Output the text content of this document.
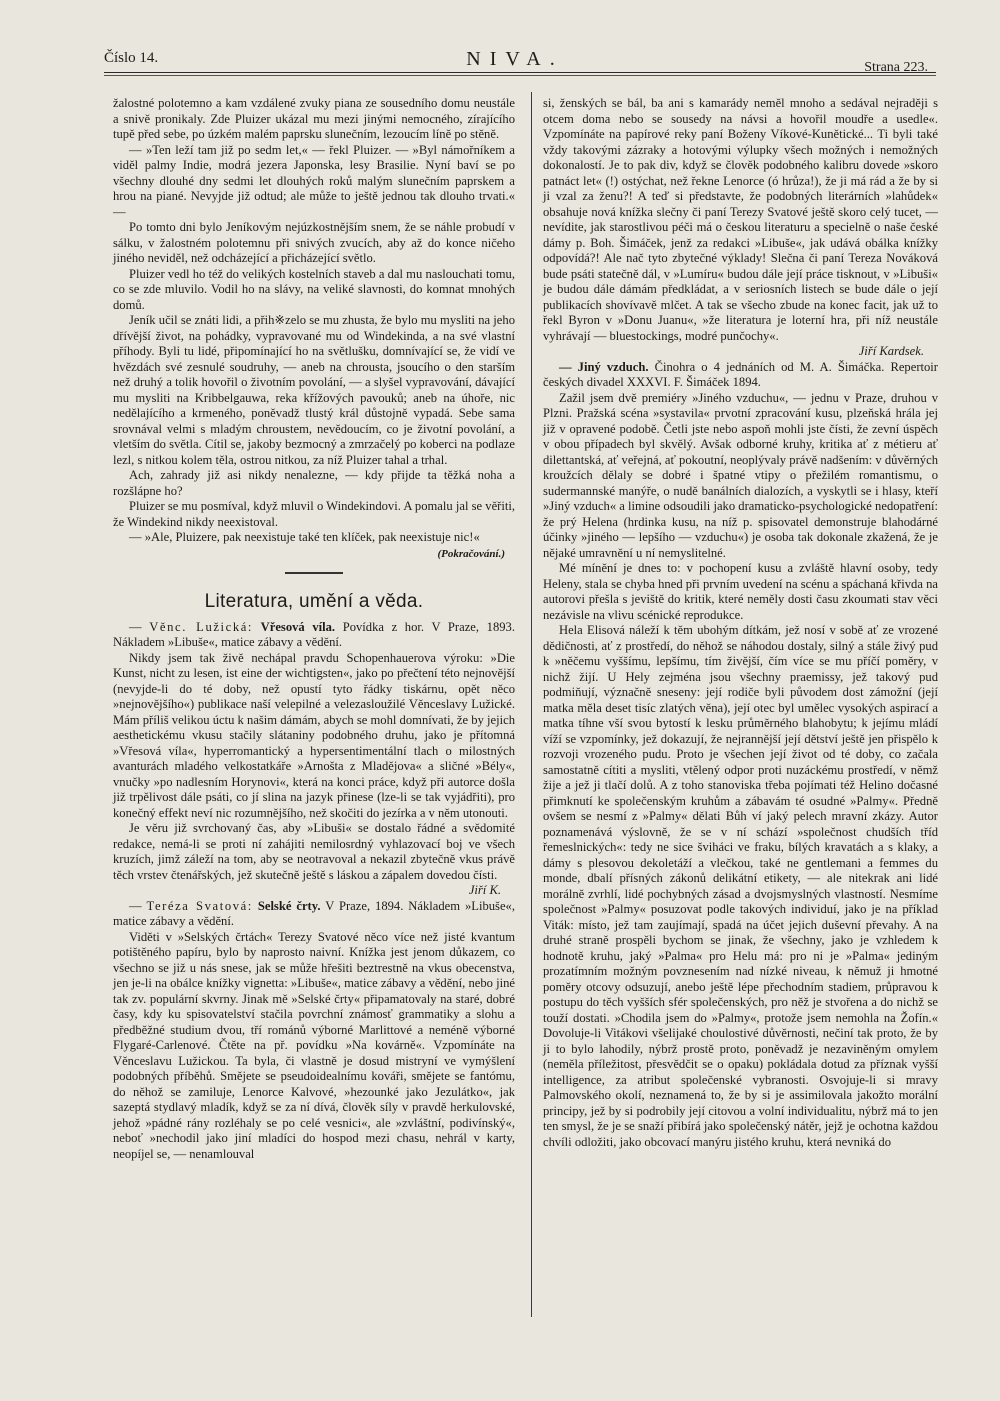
Číslo 14.	NIVA.	Strana 223.

žalostné polotemno a kam vzdálené zvuky piana ze sousedního domu neustále a snivě pronikaly. Zde Pluizer ukázal mu mezi jinými nemocného, zírajícího tupě před sebe, po úzkém malém paprsku slunečním, lezoucím líně po stěně.

— »Ten leží tam již po sedm let,« — řekl Pluizer. — »Byl námořníkem a viděl palmy Indie, modrá jezera Japonska, lesy Brasilie. Nyní baví se po všechny dlouhé dny sedmi let dlouhých roků malým slunečním paprskem a hrou na piané. Nevyjde již odtud; ale může to ještě jednou tak dlouho trvati.« —

Po tomto dni bylo Jeníkovým nejúzkostnějším snem, že se náhle probudí v sálku, v žalostném polotemnu při snivých zvucích, aby až do konce ničeho jiného neviděl, než odcházející a přicházející světlo.

Pluizer vedl ho též do velikých kostelních staveb a dal mu naslouchati tomu, co se zde mluvilo. Vodil ho na slávy, na veliké slavnosti, do komnat mnohých domů.

Jeník učil se znáti lidi, a přih※zelo se mu zhusta, že bylo mu mysliti na jeho dřívější život, na pohádky, vypravované mu od Windekinda, a na své vlastní příhody. Byli tu lidé, připomínající ho na světlušku, domnívající se, že vidí ve hvězdách své zesnulé soudruhy, — aneb na chrousta, jsoucího o den starším než druhý a tolik hovořil o životním povolání, — a slyšel vypravování, dávající mu mysliti na Kribbelgauwa, reka křížových pavouků; aneb na úhoře, nic nedělajícího a krmeného, poněvadž tlustý král důstojně vypadá. Sebe sama srovnával velmi s mladým chroustem, nevědoucím, co je životní povolání, a vletším do světla. Cítil se, jakoby bezmocný a zmrzačelý po koberci na podlaze lezl, s nitkou kolem těla, ostrou nitkou, za níž Pluizer tahal a trhal.

Ach, zahrady již asi nikdy nenalezne, — kdy přijde ta těžká noha a rozšlápne ho?

Pluizer se mu posmíval, když mluvil o Windekindovi. A pomalu jal se věřiti, že Windekind nikdy neexistoval.

— »Ale, Pluizere, pak neexistuje také ten klíček, pak neexistuje nic!«

(Pokračování.)

Literatura, umění a věda.

— Věnc. Lužická: Vřesová víla. Povídka z hor. V Praze, 1893. Nákladem »Libuše«, matice zábavy a vědění.

Nikdy jsem tak živě nechápal pravdu Schopenhauerova výroku: »Die Kunst, nicht zu lesen, ist eine der wichtigsten«, jako po přečtení této nejnovější (nevyjde-li do té doby, než opustí tyto řádky tiskárnu, opět něco »nejnovějšího«) publikace naší velepilné a velezasloužilé Věnceslavy Lužické. Mám příliš velikou úctu k našim dámám, abych se mohl domnívati, že by jejich aesthetickému vkusu stačily slátaniny podobného druhu, jako je přítomná »Vřesová víla«, hyperromantický a hypersentimentální tlach o milostných avanturách mladého velkostatkáře »Arnošta z Mladějova« a sličné »Bély«, vnučky »po nadlesním Horynovi«, která na konci práce, když při autorce došla již trpělivost dále psáti, co jí slina na jazyk přinese (lze-li se tak vyjádřiti), pro konečný effekt neví nic rozumnějšího, než skočiti do jezírka a v něm utonouti.

Je věru již svrchovaný čas, aby »Libuši« se dostalo řádné a svědomité redakce, nemá-li se proti ní zahájiti nemilosrdný vyhlazovací boj ve všech kruzích, jimž záleží na tom, aby se neotravoval a nekazil zbytečně vkus právě těch vrstev čtenářských, jež skutečně ještě s láskou a zápalem dovedou čísti.

Jiří K.

— Teréza Svatová: Selské črty. V Praze, 1894. Nákladem »Libuše«, matice zábavy a vědění.

Viděti v »Selských črtách« Terezy Svatové něco více než jisté kvantum potištěného papíru, bylo by naprosto naivní. Knížka jest jenom důkazem, co všechno se již u nás snese, jak se může hřešiti beztrestně na vkus obecenstva, jen je-li na obálce knížky vignetta: »Libuše«, matice zábavy a vědění, nebo jiné tak zv. populární skvrny. Jinak mě »Selské črty« připamatovaly na staré, dobré časy, kdy ku spisovatelství stačila povrchní známosť grammatiky a slohu a předběžné studium dvou, tří románů výborné Marlittové a neméně výborné Flygaré-Carlenové. Čtěte na př. povídku »Na kovárně«. Vzpomínáte na Věnceslavu Lužickou. Ta byla, či vlastně je dosud mistryní ve vymýšlení podobných příběhů. Smějete se pseudoidealnímu kováři, smějete se fantómu, do něhož se zamiluje, Lenorce Kalvové, »hezounké jako Jezulátko«, jak sazeptá stydlavý mladík, když se za ní dívá, člověk síly v pravdě herkulovské, jehož »pádné rány rozléhaly se po celé vesnici«, ale »zvláštní, podivínský«, neboť »nechodil jako jiní mladíci do hospod mezi chasu, nehrál v karty, neopíjel se, — nenamlouval

si, ženských se bál, ba ani s kamarády neměl mnoho a sedával nejraději s otcem doma nebo se sousedy na návsi a hovořil moudře a usedle«. Vzpomínáte na papírové reky paní Boženy Víkové-Kunětické... Ti byli také vždy takovými zázraky a hotovými výlupky všech možných i nemožných dokonalostí. Je to pak div, když se člověk podobného kalibru dovede »skoro patnáct let« (!) ostýchat, než řekne Lenorce (ó hrůza!), že ji má rád a že by si ji vzal za ženu?! A teď si představte, že podobných literárních »lahůdek« obsahuje nová knížka slečny či paní Terezy Svatové ještě skoro celý tucet, — nevídite, jak starostlivou péči má o českou literaturu a specielně o naše české dámy p. Boh. Šimáček, jenž za redakci »Libuše«, jak udává obálka knížky odpovídá?! Ale nač tyto zbytečné výklady! Slečna či paní Tereza Nováková bude psáti statečně dál, v »Lumíru« budou dále její práce tisknout, v »Libuši« je budou dále dámám předkládat, a v seriosních listech se bude dále o její publikacích shovívavě mlčet. A tak se všecho zbude na konec facit, jak už to řekl Byron v »Donu Juanu«, »že literatura je loterní hra, při níž neustále vyhrávají — bluestockings, modré punčochy«.

Jiří Kardsek.

— Jiný vzduch. Činohra o 4 jednáních od M. A. Šimáčka. Repertoir českých divadel XXXVI. F. Šimáček 1894.

Zažil jsem dvě premiéry »Jiného vzduchu«, — jednu v Praze, druhou v Plzni. Pražská scéna »systavila« prvotní zpracování kusu, plzeňská hrála jej již v opravené podobě. Četli jste nebo aspoň mohli jste čísti, že zevní úspěch v obou případech byl skvělý. Avšak odborné kruhy, kritika ať z métieru ať dilettantská, ať veřejná, ať pokoutní, neoplývaly právě nadšením: v důvěrných kroužcích dělaly se dobré i špatné vtipy o přežilém romantismu, o sudermannské manýře, o nudě banálních dialozích, a vyskytli se i hlasy, kteří »Jiný vzduch« a limine odsoudili jako dramaticko-psychologické nedopatření: že prý Helena (hrdinka kusu, na níž p. spisovatel demonstruje blahodárné účinky »jiného — lepšího — vzduchu«) je osoba tak dokonale zkažená, že je nějaké umravnění u ní nemyslitelné.

Mé mínění je dnes to: v pochopení kusu a zvláště hlavní osoby, tedy Heleny, stala se chyba hned při prvním uvedení na scénu a spáchaná křivda na autorovi přešla s jeviště do kritik, které neměly dosti času zkoumati stav věci nezávisle na vlivu scénické reprodukce.

Hela Elisová náleží k těm ubohým dítkám, jež nosí v sobě ať ze vrozené dědičnosti, ať z prostředí, do něhož se náhodou dostaly, silný a stále živý pud k »něčemu vyššímu, lepšímu, tím živější, čím více se mu příčí poměry, v nichž žijí. U Hely zejména jsou všechny praemissy, jež takový pud podmiňují, význačně sneseny: její rodiče byli původem dost zámožní (její matka měla deset tisíc zlatých věna), její otec byl umělec vysokých aspirací a matka tíhne vší svou bytostí k lesku průměrného blahobytu; k jejímu mládí víží se vzpomínky, jež dokazují, že nejrannější její dětství ještě jen přispělo k rozvoji vrozeného pudu. Proto je všechen její život od té doby, co začala samostatně cítiti a mysliti, vtělený odpor proti nuzáckému prostředí, v němž žije a jež ji tlačí dolů. A z toho stanoviska třeba pojímati též Helino dočasné přimknutí ke společenským kruhům a zábavám té osudné »Palmy«. Předně ovšem se nesmí z »Palmy« dělati Bůh ví jaký pelech mravní zkázy. Autor poznamenává výslovně, že se v ní schází »společnost chudších tříd řemeslnických«: tedy ne sice šviháci ve fraku, bílých kravatách a s klaky, a dámy s plesovou dekoletáží a vlečkou, také ne gentlemani a femmes du monde, dbalí přísných zákonů delikátní etikety, — ale nitekrak ani lidé morálně zvrhlí, lidé pochybných zásad a dvojsmyslných vlastností. Nesmíme společnost »Palmy« posuzovat podle takových individuí, jako je na příklad Viták: místo, jež tam zaujímají, spadá na účet jejich duševní převahy. A na druhé straně prospěli bychom se jinak, že všechny, jako je vzhledem k hodnotě kruhu, jaký »Palma« pro Helu má: pro ni je »Palma« jediným prozatímním možným povznesením nad nízké niveau, k němuž ji hmotné poměry otcovy odsuzují, anebo ještě lépe přechodním stadiem, průpravou k postupu do těch vyšších sfér společenských, pro něž je stvořena a do nichž se touží dostati. »Chodila jsem do »Palmy«, protože jsem nemohla na Žofín.« Dovoluje-li Vitákovi všelijaké choulostivé důvěrnosti, nečiní tak proto, že by ji to bylo lahodily, nýbrž prostě proto, poněvadž je nezaviněným omylem (neměla příležitost, přesvědčit se o opaku) pokládala dotud za příznak vyšší intelligence, za atribut společenské vybranosti. Osvojuje-li si mravy Palmovského okolí, neznamená to, že by si je assimilovala jakožto morální principy, jež by si podrobily její citovou a volní individualitu, nýbrž má to jen ten smysl, že je se snaží přibírá jako společenský nátěr, jejž je ochotna každou chvíli odložiti, jako obcovací manýru jistého kruhu, která nevniká do
